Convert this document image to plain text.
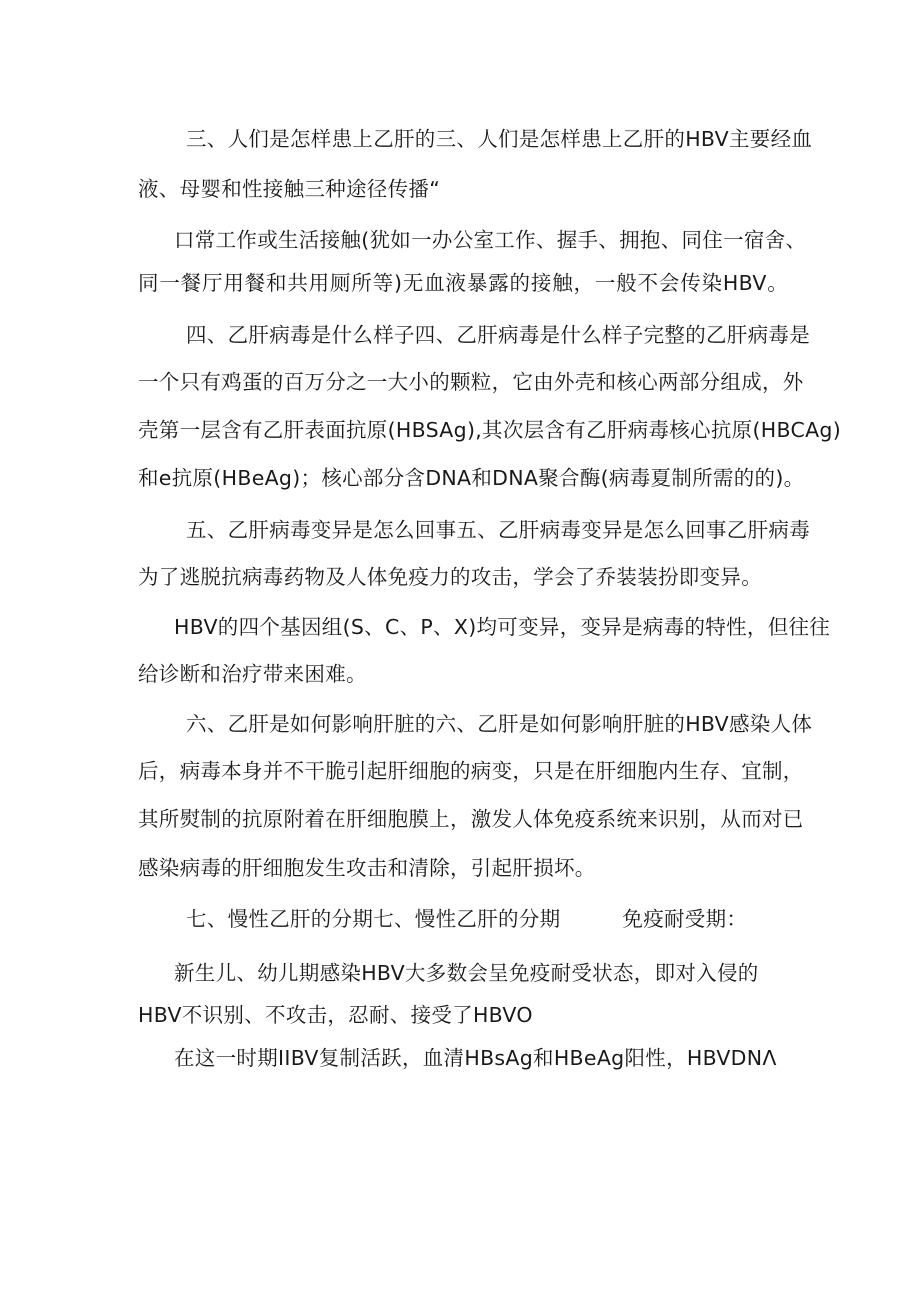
三、人们是怎样患上乙肝的三、人们是怎样患上乙肝的HBV主要经血
液、母婴和性接触三种途径传播“
口常工作或生活接触(犹如一办公室工作、握手、拥抱、同住一宿舍、
同一餐厅用餐和共用厕所等)无血液暴露的接触，一般不会传染HBV。
四、乙肝病毒是什么样子四、乙肝病毒是什么样子完整的乙肝病毒是
一个只有鸡蛋的百万分之一大小的颗粒，它由外壳和核心两部分组成，外
壳第一层含有乙肝表面抗原(HBSAg),其次层含有乙肝病毒核心抗原(HBCAg)
和e抗原(HBeAg)；核心部分含DNA和DNA聚合酶(病毒夏制所需的的)。
五、乙肝病毒变异是怎么回事五、乙肝病毒变异是怎么回事乙肝病毒
为了逃脱抗病毒药物及人体免疫力的攻击，学会了乔装装扮即变异。
HBV的四个基因组(S、C、P、X)均可变异，变异是病毒的特性，但往往
给诊断和治疗带来困难。
六、乙肝是如何影响肝脏的六、乙肝是如何影响肝脏的HBV感染人体
后，病毒本身并不干脆引起肝细胞的病变，只是在肝细胞内生存、宜制，
其所熨制的抗原附着在肝细胞膜上，激发人体免疫系统来识别，从而对已
感染病毒的肝细胞发生攻击和清除，引起肝损坏。
七、慢性乙肝的分期七、慢性乙肝的分期	免疫耐受期：
新生儿、幼儿期感染HBV大多数会呈免疫耐受状态，即对入侵的
HBV不识别、不攻击，忍耐、接受了HBVO
在这一时期IIBV复制活跃，血清HBsAg和HBeAg阳性，HBVDNΛ
